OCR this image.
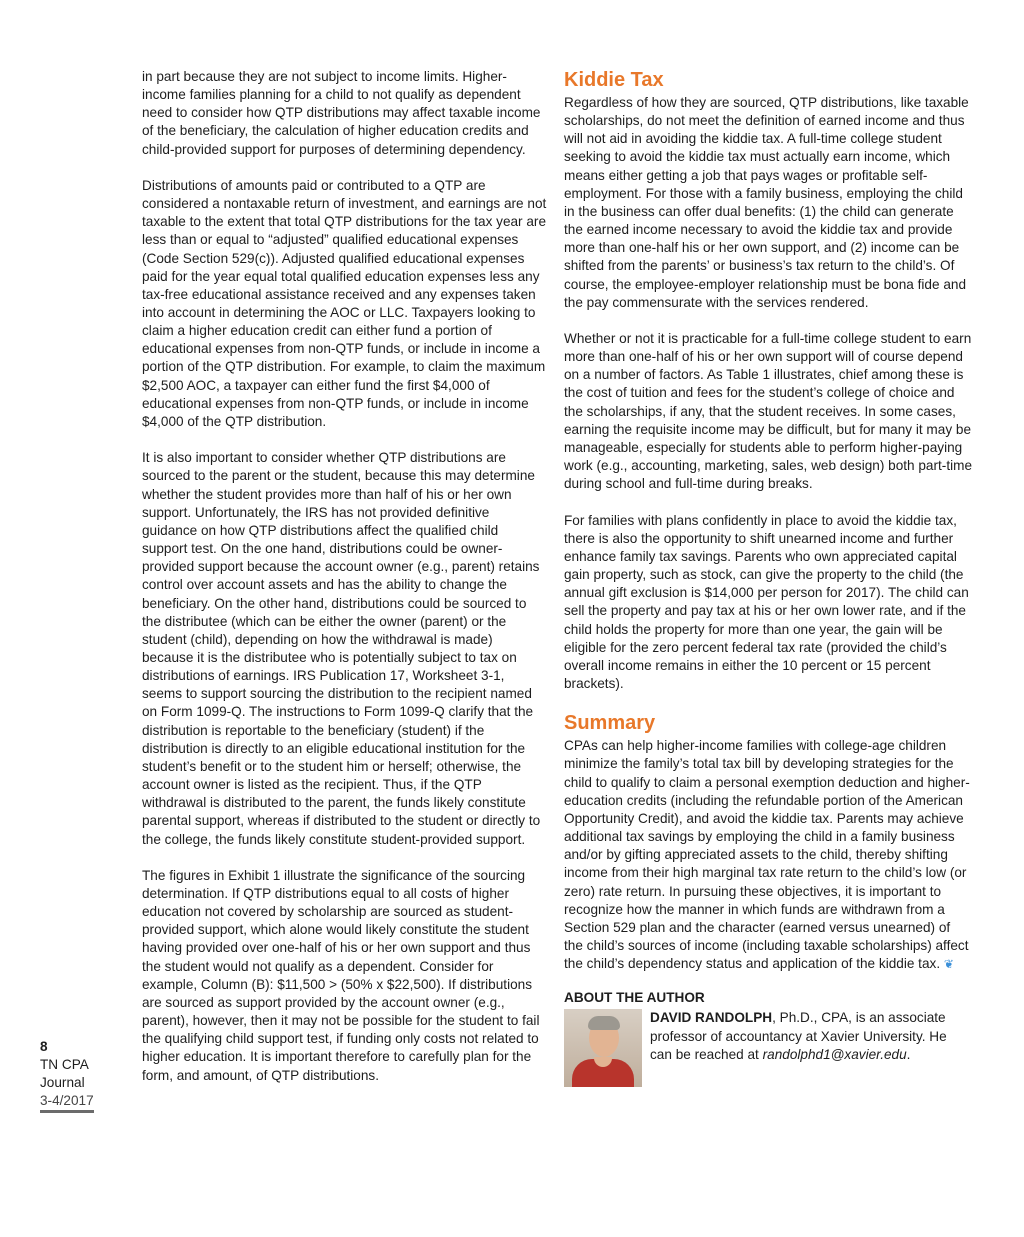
in part because they are not subject to income limits. Higher-income families planning for a child to not qualify as dependent need to consider how QTP distributions may affect taxable income of the beneficiary, the calculation of higher education credits and child-provided support for purposes of determining dependency.

Distributions of amounts paid or contributed to a QTP are considered a nontaxable return of investment, and earnings are not taxable to the extent that total QTP distributions for the tax year are less than or equal to “adjusted” qualified educational expenses (Code Section 529(c)). Adjusted qualified educational expenses paid for the year equal total qualified education expenses less any tax-free educational assistance received and any expenses taken into account in determining the AOC or LLC. Taxpayers looking to claim a higher education credit can either fund a portion of educational expenses from non-QTP funds, or include in income a portion of the QTP distribution. For example, to claim the maximum $2,500 AOC, a taxpayer can either fund the first $4,000 of educational expenses from non-QTP funds, or include in income $4,000 of the QTP distribution.

It is also important to consider whether QTP distributions are sourced to the parent or the student, because this may determine whether the student provides more than half of his or her own support. Unfortunately, the IRS has not provided definitive guidance on how QTP distributions affect the qualified child support test. On the one hand, distributions could be owner-provided support because the account owner (e.g., parent) retains control over account assets and has the ability to change the beneficiary. On the other hand, distributions could be sourced to the distributee (which can be either the owner (parent) or the student (child), depending on how the withdrawal is made) because it is the distributee who is potentially subject to tax on distributions of earnings. IRS Publication 17, Worksheet 3-1, seems to support sourcing the distribution to the recipient named on Form 1099-Q. The instructions to Form 1099-Q clarify that the distribution is reportable to the beneficiary (student) if the distribution is directly to an eligible educational institution for the student’s benefit or to the student him or herself; otherwise, the account owner is listed as the recipient. Thus, if the QTP withdrawal is distributed to the parent, the funds likely constitute parental support, whereas if distributed to the student or directly to the college, the funds likely constitute student-provided support.

The figures in Exhibit 1 illustrate the significance of the sourcing determination. If QTP distributions equal to all costs of higher education not covered by scholarship are sourced as student-provided support, which alone would likely constitute the student having provided over one-half of his or her own support and thus the student would not qualify as a dependent. Consider for example, Column (B): $11,500 > (50% x $22,500). If distributions are sourced as support provided by the account owner (e.g., parent), however, then it may not be possible for the student to fail the qualifying child support test, if funding only costs not related to higher education. It is important therefore to carefully plan for the form, and amount, of QTP distributions.

Kiddie Tax

Regardless of how they are sourced, QTP distributions, like taxable scholarships, do not meet the definition of earned income and thus will not aid in avoiding the kiddie tax. A full-time college student seeking to avoid the kiddie tax must actually earn income, which means either getting a job that pays wages or profitable self-employment. For those with a family business, employing the child in the business can offer dual benefits: (1) the child can generate the earned income necessary to avoid the kiddie tax and provide more than one-half his or her own support, and (2) income can be shifted from the parents’ or business’s tax return to the child’s. Of course, the employee-employer relationship must be bona fide and the pay commensurate with the services rendered.

Whether or not it is practicable for a full-time college student to earn more than one-half of his or her own support will of course depend on a number of factors. As Table 1 illustrates, chief among these is the cost of tuition and fees for the student’s college of choice and the scholarships, if any, that the student receives. In some cases, earning the requisite income may be difficult, but for many it may be manageable, especially for students able to perform higher-paying work (e.g., accounting, marketing, sales, web design) both part-time during school and full-time during breaks.

For families with plans confidently in place to avoid the kiddie tax, there is also the opportunity to shift unearned income and further enhance family tax savings. Parents who own appreciated capital gain property, such as stock, can give the property to the child (the annual gift exclusion is $14,000 per person for 2017). The child can sell the property and pay tax at his or her own lower rate, and if the child holds the property for more than one year, the gain will be eligible for the zero percent federal tax rate (provided the child’s overall income remains in either the 10 percent or 15 percent brackets).

Summary

CPAs can help higher-income families with college-age children minimize the family’s total tax bill by developing strategies for the child to qualify to claim a personal exemption deduction and higher-education credits (including the refundable portion of the American Opportunity Credit), and avoid the kiddie tax. Parents may achieve additional tax savings by employing the child in a family business and/or by gifting appreciated assets to the child, thereby shifting income from their high marginal tax rate return to the child’s low (or zero) rate return. In pursuing these objectives, it is important to recognize how the manner in which funds are withdrawn from a Section 529 plan and the character (earned versus unearned) of the child’s sources of income (including taxable scholarships) affect the child’s dependency status and application of the kiddie tax. ❦

ABOUT THE AUTHOR
DAVID RANDOLPH, Ph.D., CPA, is an associate professor of accountancy at Xavier University. He can be reached at randolphd1@xavier.edu.
8
TN CPA
Journal
3-4/2017
